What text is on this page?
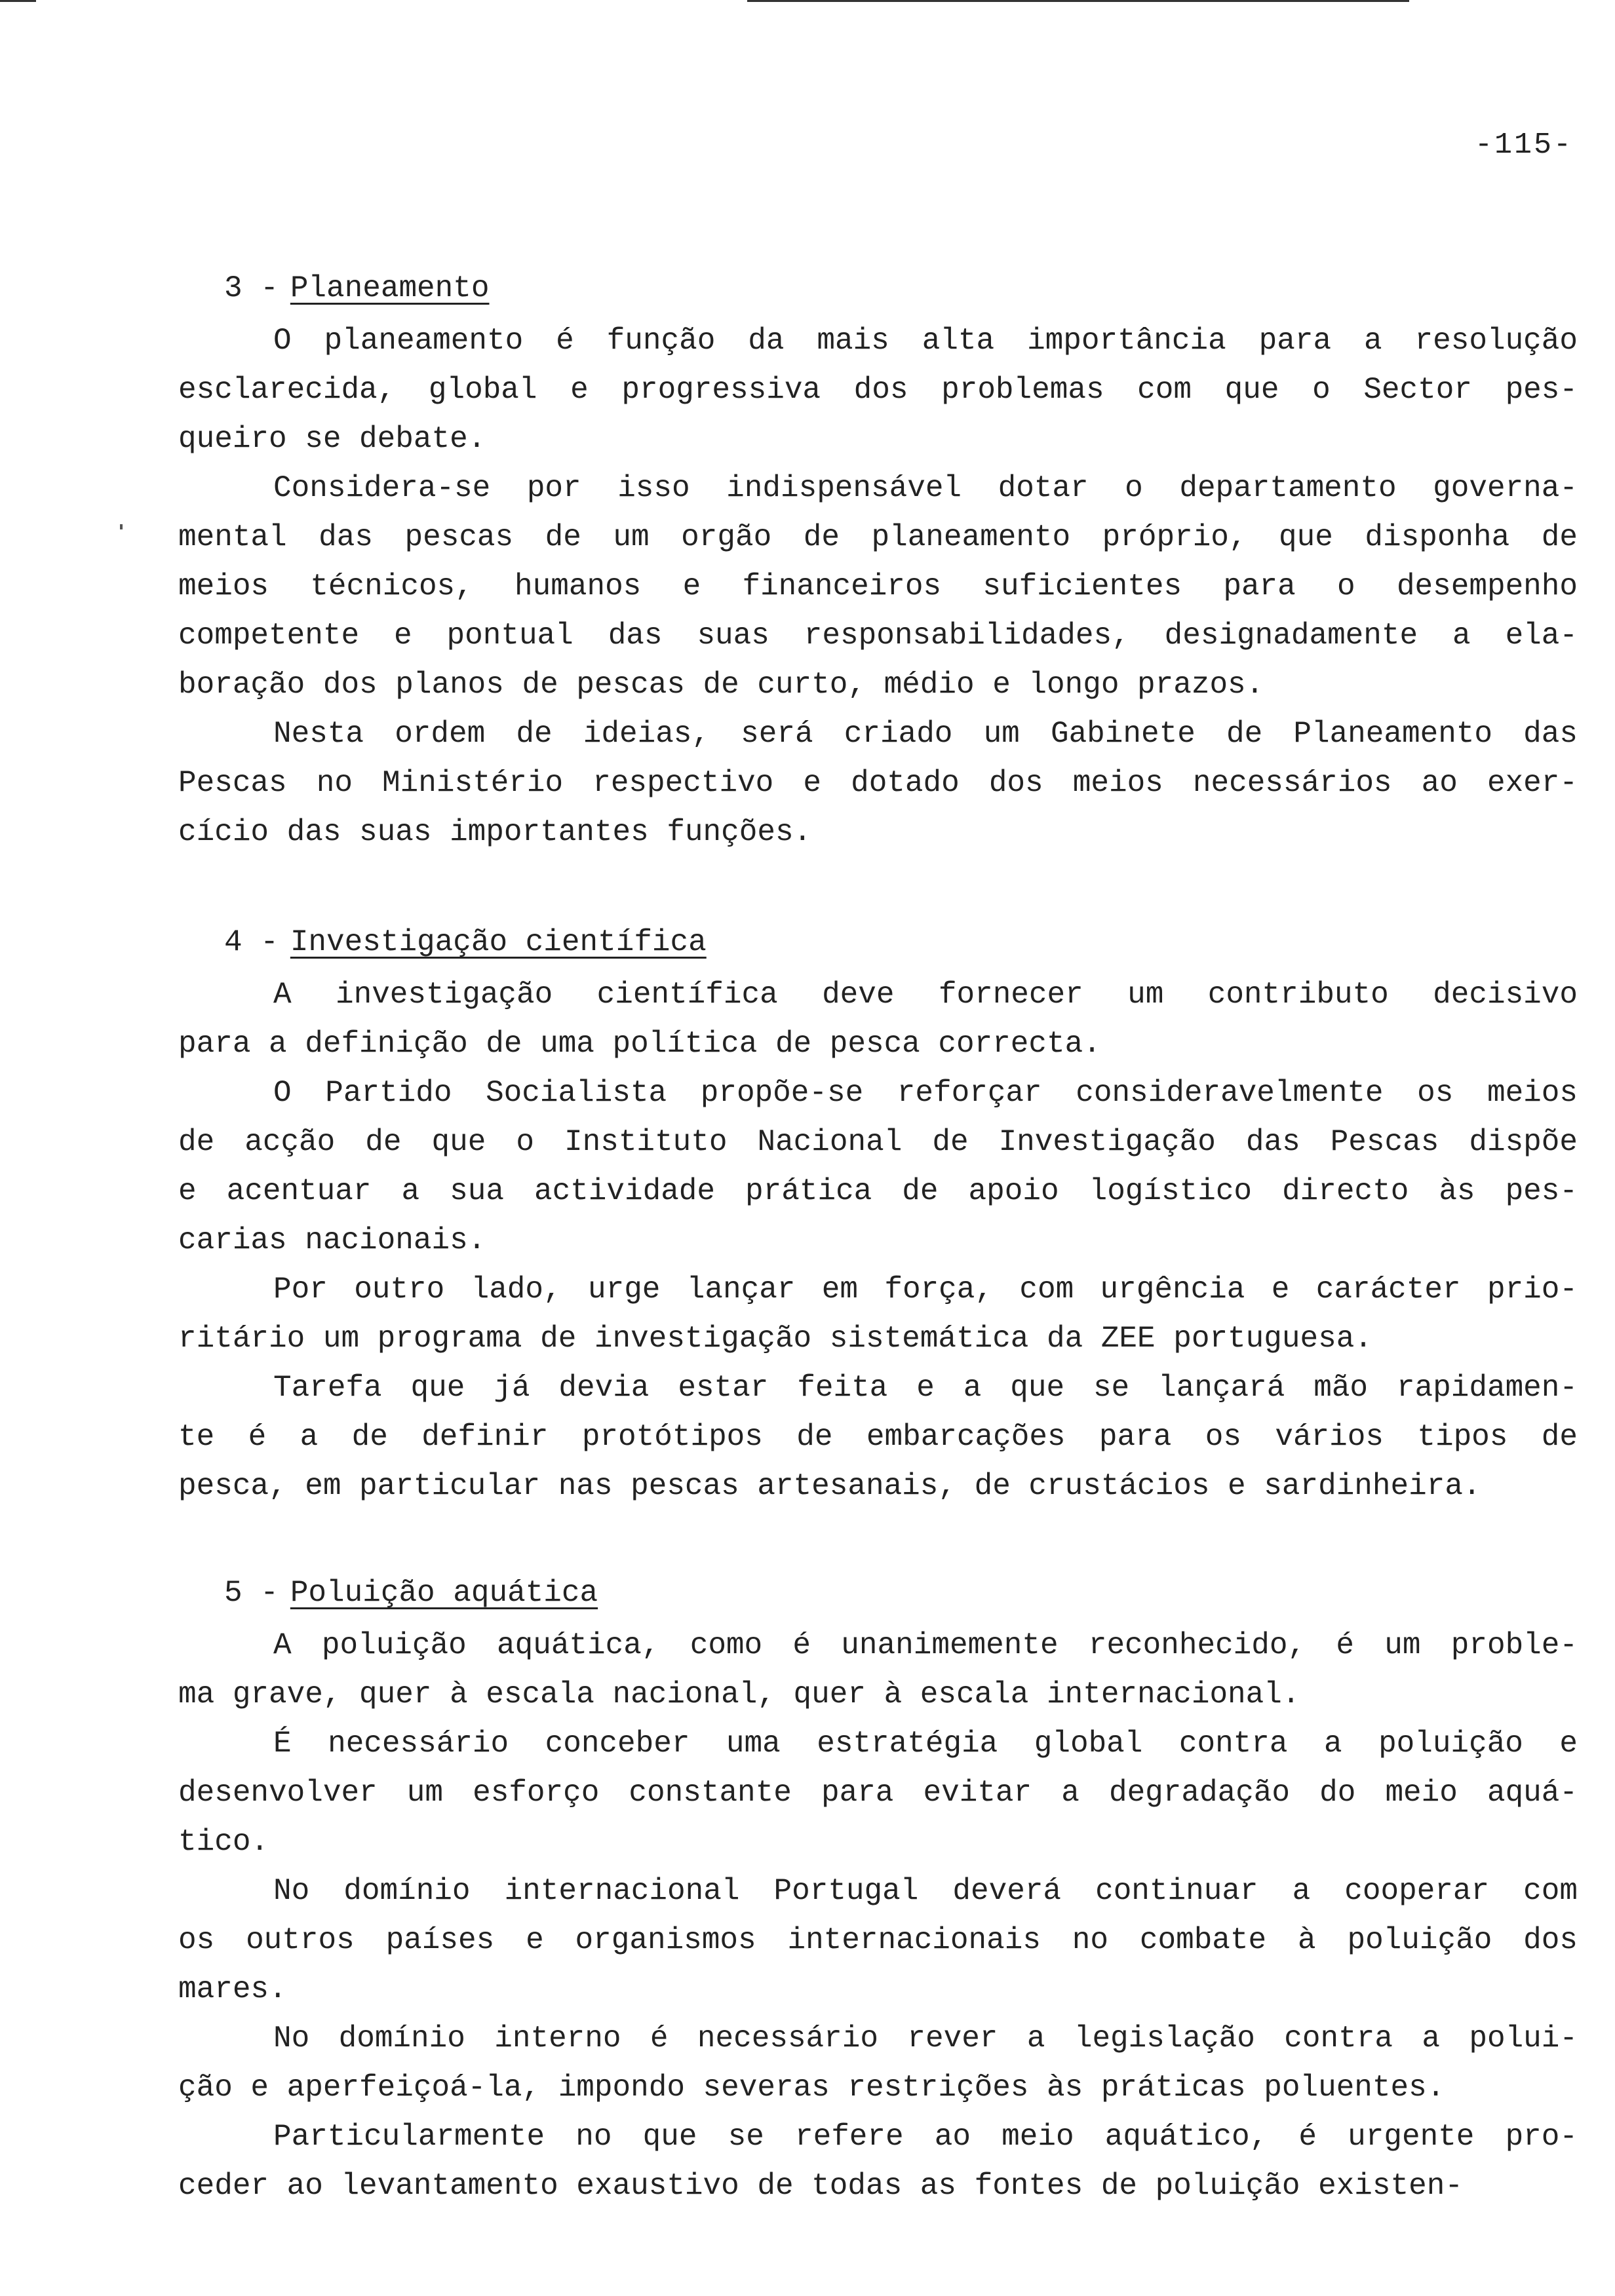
-115-
3 - Planeamento
O planeamento é função da mais alta importância para a resolução
esclarecida, global e progressiva dos problemas com que o Sector pes-
queiro se debate.
Considera-se por isso indispensável dotar o departamento governa-
mental das pescas de um orgão de planeamento próprio, que disponha de
meios técnicos, humanos e financeiros suficientes para o desempenho
competente e pontual das suas responsabilidades, designadamente a ela-
boração dos planos de pescas de curto, médio e longo prazos.
Nesta ordem de ideias, será criado um Gabinete de Planeamento das
Pescas no Ministério respectivo e dotado dos meios necessários ao exer-
cício das suas importantes funções.
4 - Investigação científica
A investigação científica deve fornecer um contributo decisivo
para a definição de uma política de pesca correcta.
O Partido Socialista propõe-se reforçar consideravelmente os meios
de acção de que o Instituto Nacional de Investigação das Pescas dispõe
e acentuar a sua actividade prática de apoio logístico directo às pes-
carias nacionais.
Por outro lado, urge lançar em força, com urgência e carácter prio-
ritário um programa de investigação sistemática da ZEE portuguesa.
Tarefa que já devia estar feita e a que se lançará mão rapidamen-
te é a de definir protótipos de embarcações para os vários tipos de
pesca, em particular nas pescas artesanais, de crustácios e sardinheira.
5 - Poluição aquática
A poluição aquática, como é unanimemente reconhecido, é um proble-
ma grave, quer à escala nacional, quer à escala internacional.
É necessário conceber uma estratégia global contra a poluição e
desenvolver um esforço constante para evitar a degradação do meio aquá-
tico.
No domínio internacional Portugal deverá continuar a cooperar com
os outros países e organismos internacionais no combate à poluição dos
mares.
No domínio interno é necessário rever a legislação contra a polui-
ção e aperfeiçoá-la, impondo severas restrições às práticas poluentes.
Particularmente no que se refere ao meio aquático, é urgente pro-
ceder ao levantamento exaustivo de todas as fontes de poluição existen-
